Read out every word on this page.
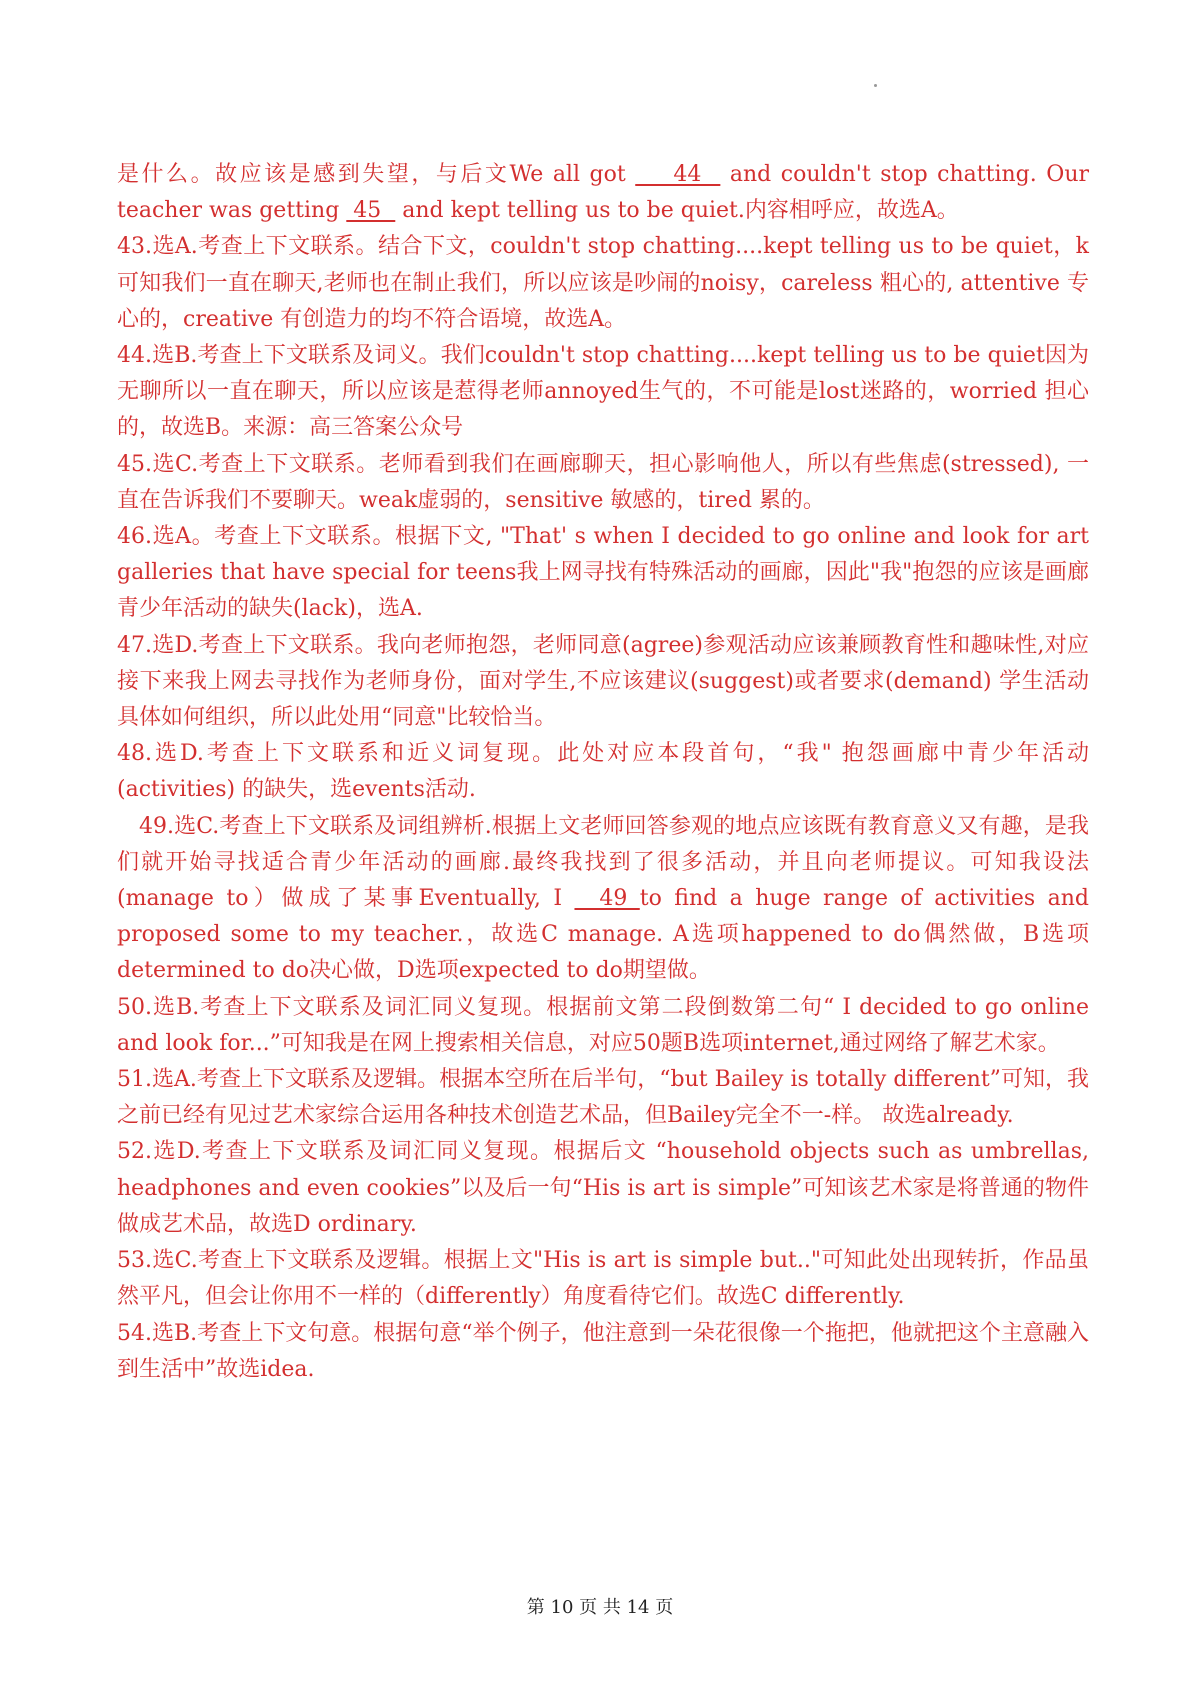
是什么。故应该是感到失望，与后文We all got     44   and couldn't stop chatting. Our teacher was getting  45   and kept telling us to be quiet.内容相呼应，故选A。

43.选A.考查上下文联系。结合下文，couldn't stop chatting....kept telling us to be quiet，k可知我们一直在聊天,老师也在制止我们，所以应该是吵闹的noisy，careless 粗心的, attentive 专心的，creative 有创造力的均不符合语境，故选A。

44.选B.考查上下文联系及词义。我们couldn't stop chatting....kept telling us to be quiet因为无聊所以一直在聊天，所以应该是惹得老师annoyed生气的，不可能是lost迷路的，worried 担心的，故选B。来源：高三答案公众号

45.选C.考查上下文联系。老师看到我们在画廊聊天，担心影响他人，所以有些焦虑(stressed), 一直在告诉我们不要聊天。weak虚弱的，sensitive 敏感的，tired 累的。

46.选A。考查上下文联系。根据下文, "That' s when I decided to go online and look for art galleries that have special for teens我上网寻找有特殊活动的画廊，因此"我"抱怨的应该是画廊青少年活动的缺失(lack)，选A.

47.选D.考查上下文联系。我向老师抱怨，老师同意(agree)参观活动应该兼顾教育性和趣味性,对应接下来我上网去寻找作为老师身份，面对学生,不应该建议(suggest)或者要求(demand) 学生活动具体如何组织，所以此处用“同意"比较恰当。

48.选D.考查上下文联系和近义词复现。此处对应本段首句，“我" 抱怨画廊中青少年活动(activities) 的缺失，选events活动.

49.选C.考查上下文联系及词组辨析.根据上文老师回答参观的地点应该既有教育意义又有趣，是我们就开始寻找适合青少年活动的画廊.最终我找到了很多活动，并且向老师提议。可知我设法(manage to）做成了某事Eventually, I   49 to find a huge range of activities and proposed some to my teacher.，故选C manage. A选项happened to do偶然做，B选项determined to do决心做，D选项expected to do期望做。

50.选B.考查上下文联系及词汇同义复现。根据前文第二段倒数第二句“ I decided to go online and look for...”可知我是在网上搜索相关信息，对应50题B选项internet,通过网络了解艺术家。

51.选A.考查上下文联系及逻辑。根据本空所在后半句，“but Bailey is totally different”可知，我之前已经有见过艺术家综合运用各种技术创造艺术品，但Bailey完全不一-样。 故选already.

52.选D.考查上下文联系及词汇同义复现。根据后文 “household objects such as umbrellas, headphones and even cookies”以及后一句“His is art is simple”可知该艺术家是将普通的物件做成艺术品，故选D ordinary.

53.选C.考查上下文联系及逻辑。根据上文"His is art is simple but.."可知此处出现转折，作品虽然平凡，但会让你用不一样的（differently）角度看待它们。故选C differently.

54.选B.考查上下文句意。根据句意“举个例子，他注意到一朵花很像一个拖把，他就把这个主意融入到生活中”故选idea.

第 10 页 共 14 页
